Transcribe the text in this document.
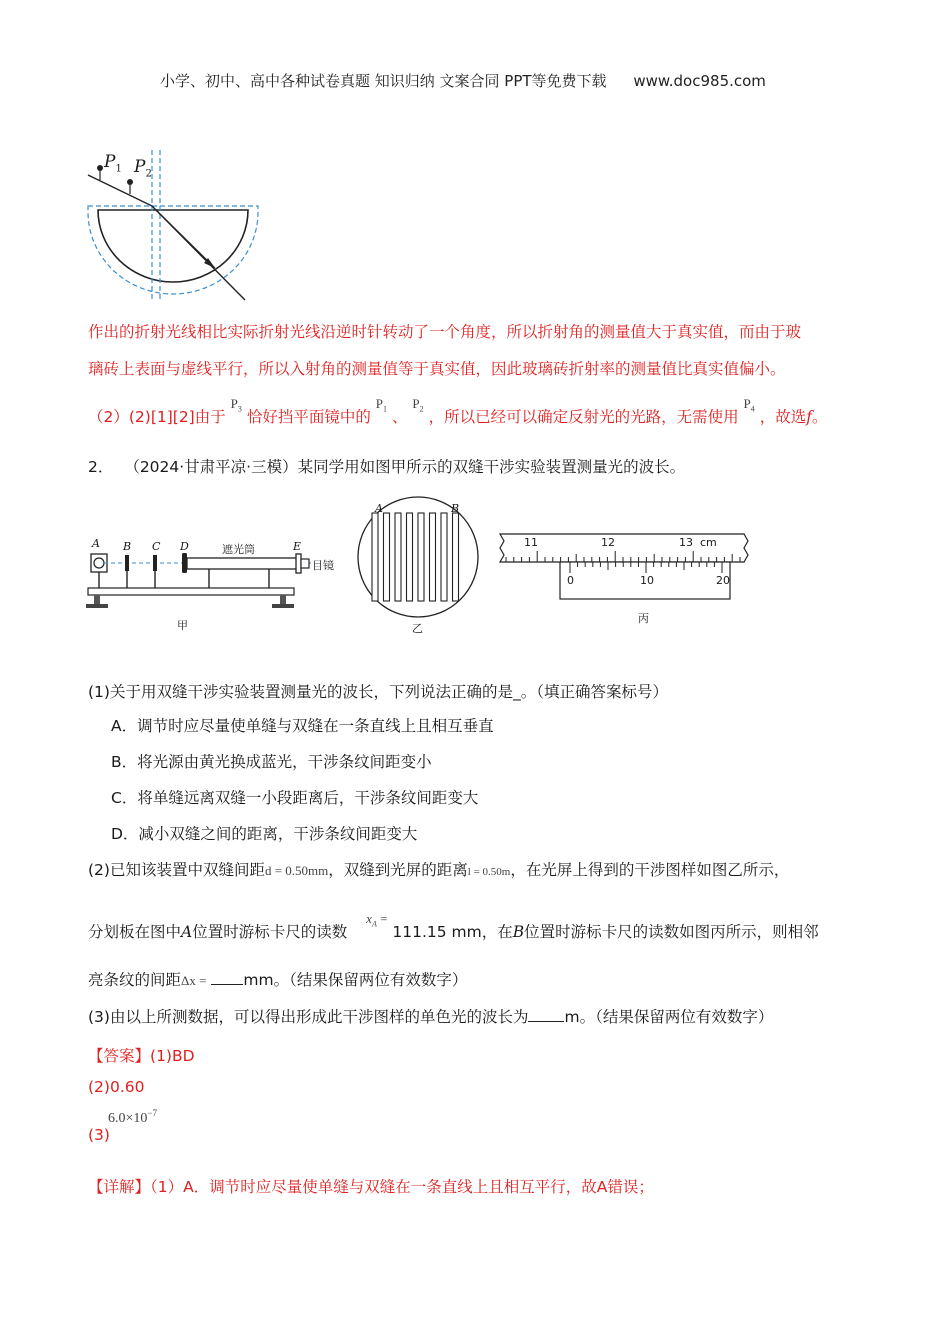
小学、初中、高中各种试卷真题 知识归纳 文案合同 PPT等免费下载 www.doc985.com
$P_1$ $P_2$
作出的折射光线相比实际折射光线沿逆时针转动了一个角度，所以折射角的测量值大于真实值，而由于玻
璃砖上表面与虚线平行，所以入射角的测量值等于真实值，因此玻璃砖折射率的测量值比真实值偏小。
（2）(2)[1][2]由于 $^{P_3}$ 恰好挡平面镜中的 $^{P_1}$ 、 $^{P_2}$ ，所以已经可以确定反射光的光路，无需使用 $^{P_4}$ ，故选f。
2． （2024·甘肃平凉·三模）某同学用如图甲所示的双缝干涉实验装置测量光的波长。
A B C D	遮光筒	E
目镜
甲
A	B
乙
11	12	13 cm
0	10	20
丙
(1)关于用双缝干涉实验装置测量光的波长，下列说法正确的是_。（填正确答案标号）
A．调节时应尽量使单缝与双缝在一条直线上且相互垂直
B．将光源由黄光换成蓝光，干涉条纹间距变小
C．将单缝远离双缝一小段距离后，干涉条纹间距变大
D．减小双缝之间的距离，干涉条纹间距变大
(2)已知该装置中双缝间距d = 0.50mm，双缝到光屏的距离l = 0.50m，在光屏上得到的干涉图样如图乙所示，
分划板在图中A位置时游标卡尺的读数 $^{x_A =}$ 111.15 mm，在B位置时游标卡尺的读数如图丙所示，则相邻
亮条纹的间距Δx = mm。（结果保留两位有效数字）
(3)由以上所测数据，可以得出形成此干涉图样的单色光的波长为 m。（结果保留两位有效数字）
【答案】(1)BD
(2)0.60
$6.0\times 10^{-7}$
(3)
【详解】（1）A．调节时应尽量使单缝与双缝在一条直线上且相互平行，故A错误；
